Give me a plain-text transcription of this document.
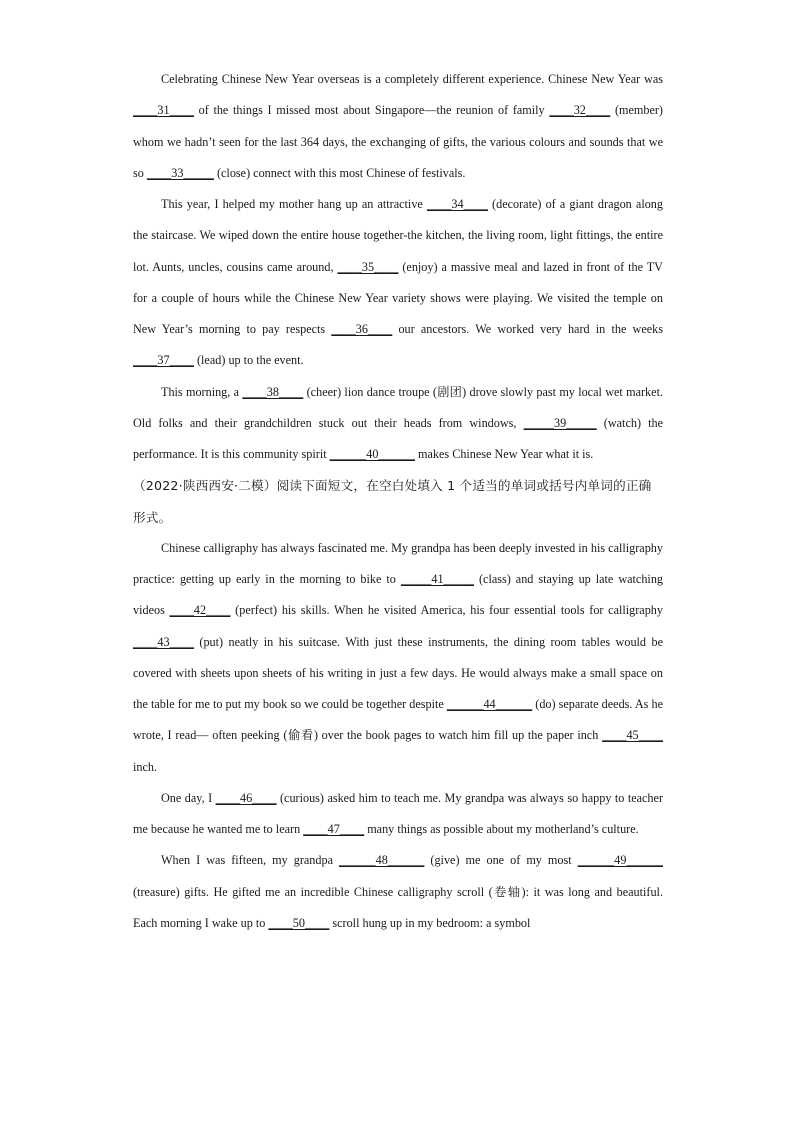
Celebrating Chinese New Year overseas is a completely different experience. Chinese New Year was ____31____ of the things I missed most about Singapore—the reunion of family ____32____ (member) whom we hadn’t seen for the last 364 days, the exchanging of gifts, the various colours and sounds that we so ____33_____ (close) connect with this most Chinese of festivals.

This year, I helped my mother hang up an attractive ____34____ (decorate) of a giant dragon along the staircase. We wiped down the entire house together-the kitchen, the living room, light fittings, the entire lot. Aunts, uncles, cousins came around, ____35____ (enjoy) a massive meal and lazed in front of the TV for a couple of hours while the Chinese New Year variety shows were playing. We visited the temple on New Year’s morning to pay respects ____36____ our ancestors. We worked very hard in the weeks ____37____ (lead) up to the event.

This morning, a ____38____ (cheer) lion dance troupe (剧团) drove slowly past my local wet market. Old folks and their grandchildren stuck out their heads from windows, _____39_____ (watch) the performance. It is this community spirit ______40______ makes Chinese New Year what it is.

（2022·陕西西安·二模）阅读下面短文，在空白处填入 1 个适当的单词或括号内单词的正确形式。

Chinese calligraphy has always fascinated me. My grandpa has been deeply invested in his calligraphy practice: getting up early in the morning to bike to _____41_____ (class) and staying up late watching videos ____42____ (perfect) his skills. When he visited America, his four essential tools for calligraphy ____43____ (put) neatly in his suitcase. With just these instruments, the dining room tables would be covered with sheets upon sheets of his writing in just a few days. He would always make a small space on the table for me to put my book so we could be together despite ______44______ (do) separate deeds. As he wrote, I read— often peeking (偷看) over the book pages to watch him fill up the paper inch ____45____ inch.

One day, I ____46____ (curious) asked him to teach me. My grandpa was always so happy to teacher me because he wanted me to learn ____47____ many things as possible about my motherland’s culture.

When I was fifteen, my grandpa ______48______ (give) me one of my most ______49______ (treasure) gifts. He gifted me an incredible Chinese calligraphy scroll (卷轴): it was long and beautiful. Each morning I wake up to ____50____ scroll hung up in my bedroom: a symbol
